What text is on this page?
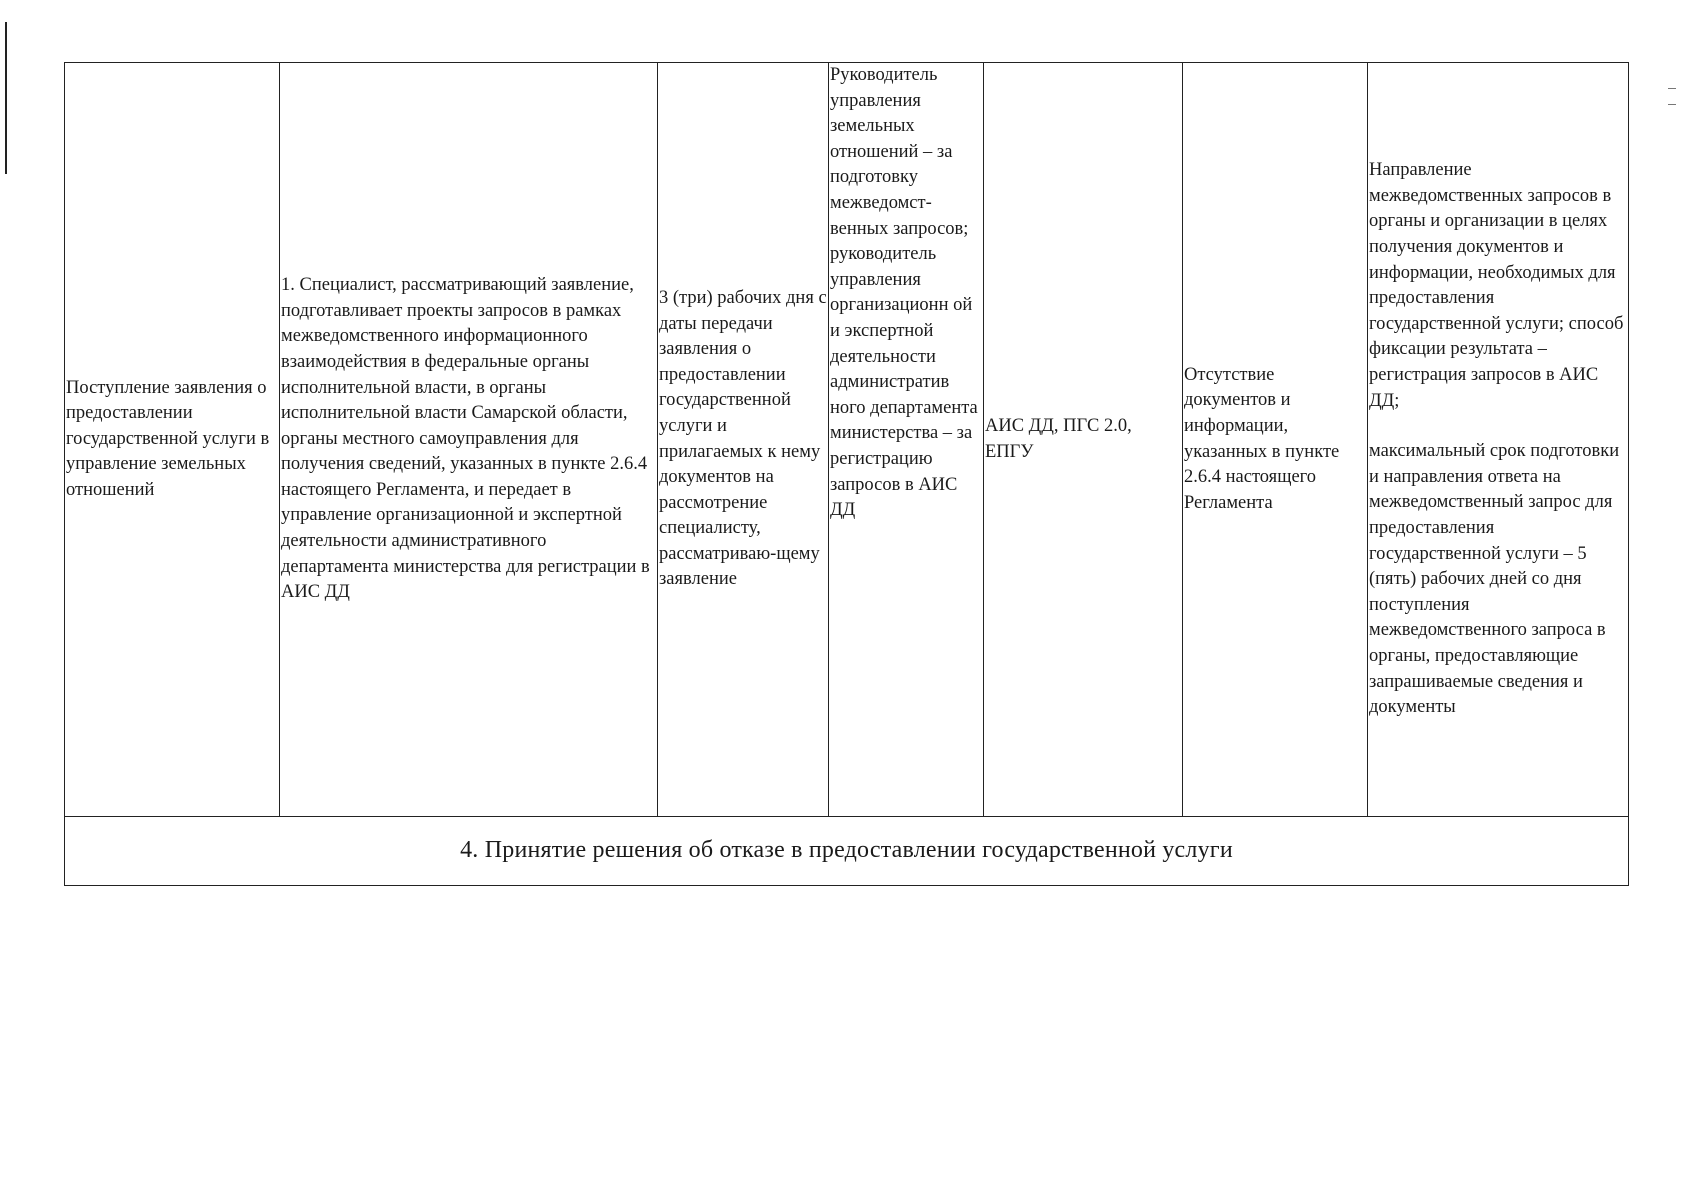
Поступление заявления о предоставлении государственной услуги в управление земельных отношений	1. Специалист, рассматривающий заявление, подготавливает проекты запросов в рамках межведомственного информационного взаимодействия в федеральные органы исполнительной власти, в органы исполнительной власти Самарской области, органы местного самоуправления для получения сведений, указанных в пункте 2.6.4 настоящего Регламента, и передает в управление организационной и экспертной деятельности административного департамента министерства для регистрации в АИС ДД	3 (три) рабочих дня с даты передачи заявления о предоставлении государственной услуги и прилагаемых к нему документов на рассмотрение специалисту, рассматриваю-щему заявление	Руководитель управления земельных отношений – за подготовку межведомст-венных запросов; руководитель управления организационн ой и экспертной деятельности административ ного департамента министерства – за регистрацию запросов в АИС ДД	АИС ДД, ПГС 2.0, ЕПГУ	Отсутствие документов и информации, указанных в пункте 2.6.4 настоящего Регламента	Направление межведомственных запросов в органы и организации в целях получения документов и информации, необходимых для предоставления государственной услуги; способ фиксации результата – регистрация запросов в АИС ДД;
максимальный срок подготовки и направления ответа на межведомственный запрос для предоставления государственной услуги – 5 (пять) рабочих дней со дня поступления межведомственного запроса в органы, предоставляющие запрашиваемые сведения и документы
4. Принятие решения об отказе в предоставлении государственной услуги
